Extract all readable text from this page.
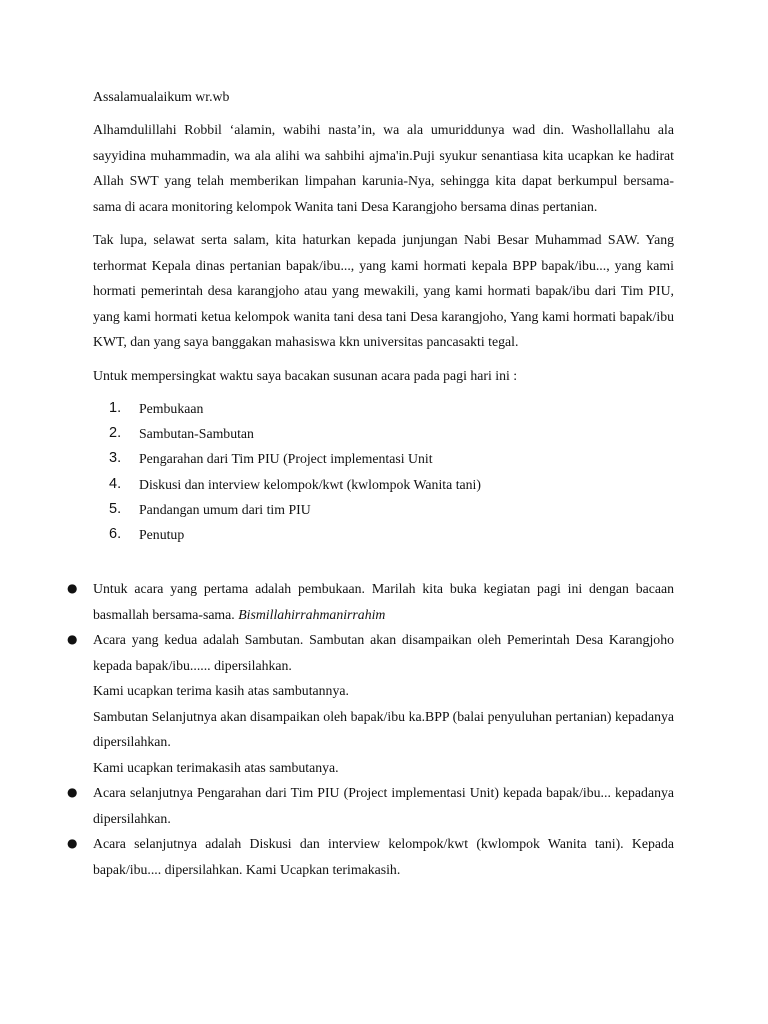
Assalamualaikum wr.wb

Alhamdulillahi Robbil ‘alamin, wabihi nasta’in, wa ala umuriddunya wad din. Washollallahu ala sayyidina muhammadin, wa ala alihi wa sahbihi ajma'in.Puji syukur senantiasa kita ucapkan ke hadirat Allah SWT yang telah memberikan limpahan karunia-Nya, sehingga kita dapat berkumpul bersama-sama di acara monitoring kelompok Wanita tani Desa Karangjoho bersama dinas pertanian.

Tak lupa, selawat serta salam, kita haturkan kepada junjungan Nabi Besar Muhammad SAW. Yang terhormat Kepala dinas pertanian bapak/ibu..., yang kami hormati kepala BPP bapak/ibu..., yang kami hormati pemerintah desa karangjoho atau yang mewakili, yang kami hormati bapak/ibu dari Tim PIU, yang kami hormati ketua kelompok wanita tani desa tani Desa karangjoho, Yang kami hormati bapak/ibu KWT, dan yang saya banggakan mahasiswa kkn universitas pancasakti tegal.

Untuk mempersingkat waktu saya bacakan susunan acara pada pagi hari ini :

1. Pembukaan
2. Sambutan-Sambutan
3. Pengarahan dari Tim PIU (Project implementasi Unit
4. Diskusi dan interview kelompok/kwt (kwlompok Wanita tani)
5. Pandangan umum dari tim PIU
6. Penutup
● Untuk acara yang pertama adalah pembukaan. Marilah kita buka kegiatan pagi ini dengan bacaan basmallah bersama-sama. Bismillahirrahmanirrahim
● Acara yang kedua adalah Sambutan. Sambutan akan disampaikan oleh Pemerintah Desa Karangjoho kepada bapak/ibu...... dipersilahkan.
Kami ucapkan terima kasih atas sambutannya.
Sambutan Selanjutnya akan disampaikan oleh bapak/ibu ka.BPP (balai penyuluhan pertanian) kepadanya dipersilahkan.
Kami ucapkan terimakasih atas sambutanya.
● Acara selanjutnya Pengarahan dari Tim PIU (Project implementasi Unit) kepada bapak/ibu... kepadanya dipersilahkan.
● Acara selanjutnya adalah Diskusi dan interview kelompok/kwt (kwlompok Wanita tani). Kepada bapak/ibu.... dipersilahkan. Kami Ucapkan terimakasih.
